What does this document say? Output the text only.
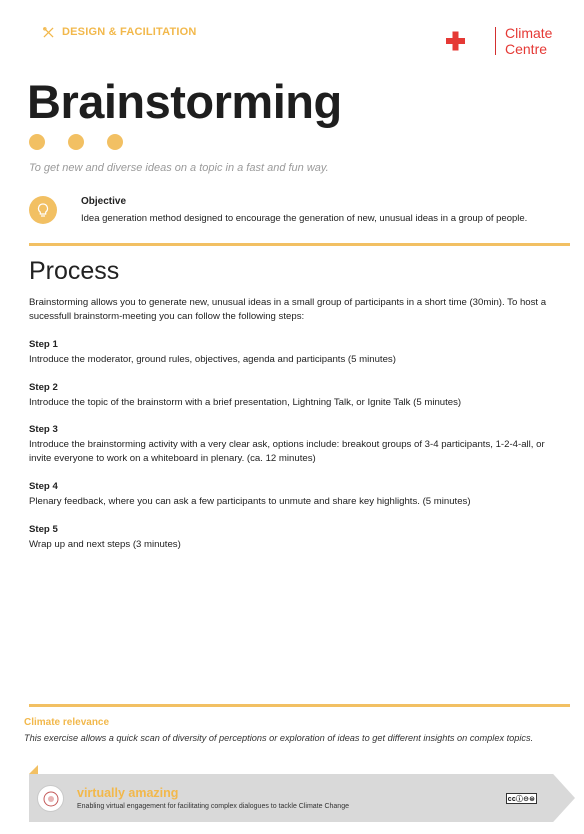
DESIGN & FACILITATION	Climate
Centre
Brainstorming
To get new and diverse ideas on a topic in a fast and fun way.
Objective
Idea generation method designed to encourage the generation of new, unusual ideas in a group of people.
Process
Brainstorming allows you to generate new, unusual ideas in a small group of participants in a short time (30min). To host a sucessfull brainstorm-meeting you can follow the following steps:
Step 1
Introduce the moderator, ground rules, objectives, agenda and participants (5 minutes)
Step 2
Introduce the topic of the brainstorm with a brief presentation, Lightning Talk, or Ignite Talk (5 minutes)
Step 3
Introduce the brainstorming activity with a very clear ask, options include: breakout groups of 3-4 participants, 1-2-4-all, or invite everyone to work on a whiteboard in plenary. (ca. 12 minutes)
Step 4
Plenary feedback, where you can ask a few participants to unmute and share key highlights. (5 minutes)
Step 5
Wrap up and next steps (3 minutes)
Climate relevance
This exercise allows a quick scan of diversity of perceptions or exploration of ideas to get different insights on complex topics.
virtually amazing
Enabling virtual engagement for facilitating complex dialogues to tackle Climate Change
ccⓘ⊖⊜
